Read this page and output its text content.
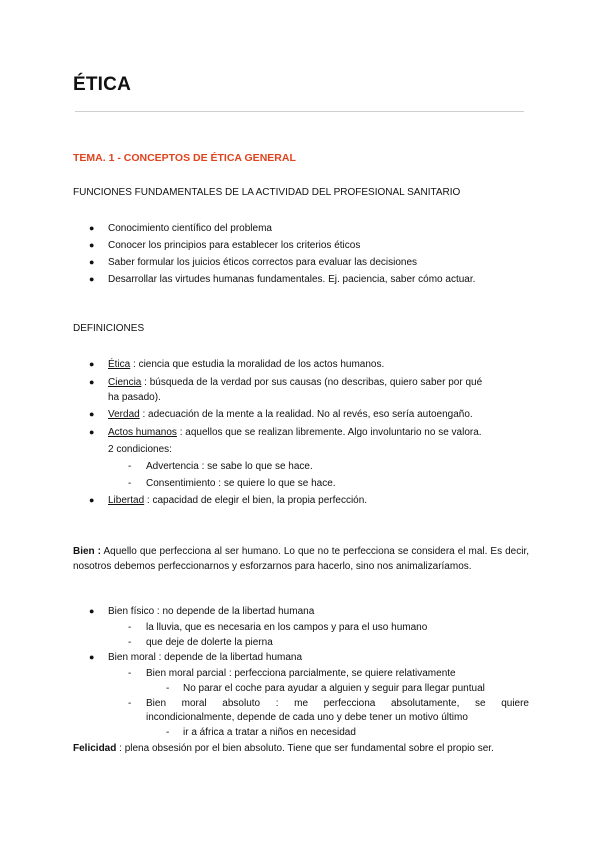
ÉTICA
TEMA. 1 - CONCEPTOS DE ÉTICA GENERAL
FUNCIONES FUNDAMENTALES DE LA ACTIVIDAD DEL PROFESIONAL SANITARIO
● Conocimiento científico del problema
● Conocer los principios para establecer los criterios éticos
● Saber formular los juicios éticos correctos para evaluar las decisiones
● Desarrollar las virtudes humanas fundamentales. Ej. paciencia, saber cómo actuar.
DEFINICIONES
● Ética : ciencia que estudia la moralidad de los actos humanos.
● Ciencia : búsqueda de la verdad por sus causas (no describas, quiero saber por qué
ha pasado).
● Verdad : adecuación de la mente a la realidad. No al revés, eso sería autoengaño.
● Actos humanos : aquellos que se realizan libremente. Algo involuntario no se valora.
2 condiciones:
- Advertencia : se sabe lo que se hace.
- Consentimiento : se quiere lo que se hace.
● Libertad : capacidad de elegir el bien, la propia perfección.
Bien : Aquello que perfecciona al ser humano. Lo que no te perfecciona se considera el mal. Es decir, nosotros debemos perfeccionarnos y esforzarnos para hacerlo, sino nos animalizaríamos.
● Bien físico : no depende de la libertad humana
- la lluvia, que es necesaria en los campos y para el uso humano
- que deje de dolerte la pierna
● Bien moral : depende de la libertad humana
- Bien moral parcial : perfecciona parcialmente, se quiere relativamente
- No parar el coche para ayudar a alguien y seguir para llegar puntual
- Bien moral absoluto : me perfecciona absolutamente, se quiere
incondicionalmente, depende de cada uno y debe tener un motivo último
- ir a áfrica a tratar a niños en necesidad
Felicidad : plena obsesión por el bien absoluto. Tiene que ser fundamental sobre el propio ser.
